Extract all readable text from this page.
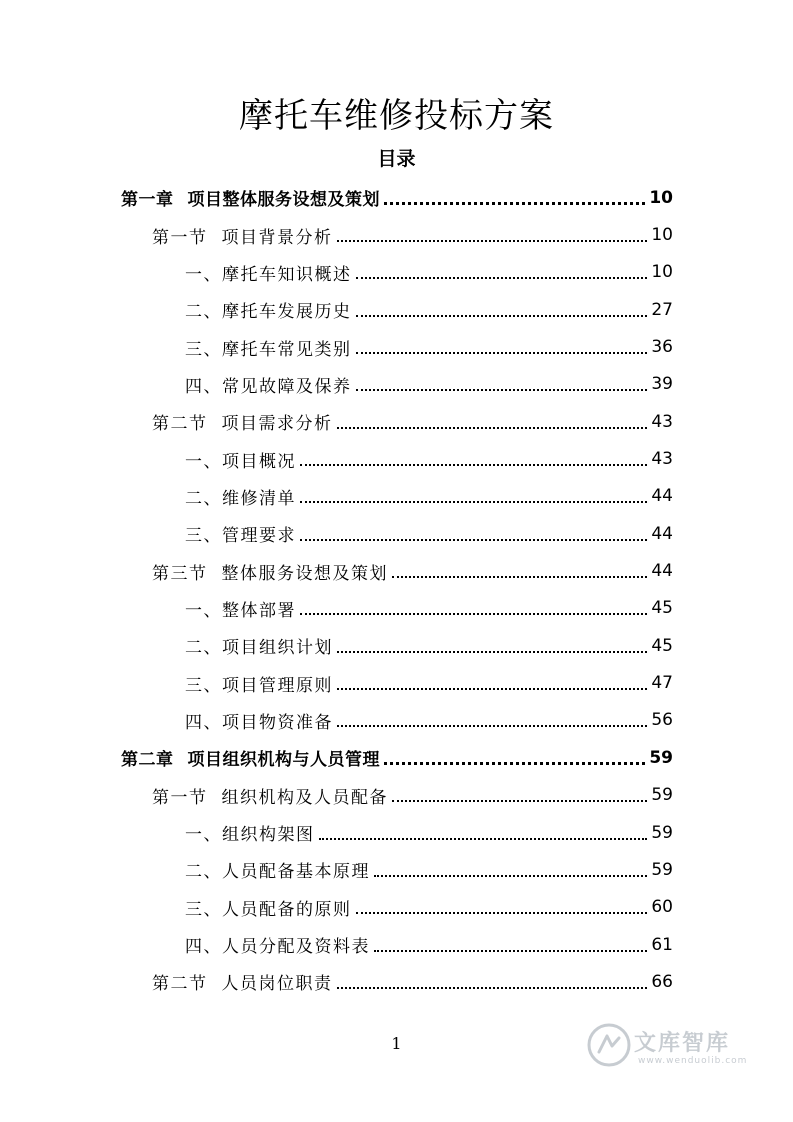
摩托车维修投标方案
目录
第一章 项目整体服务设想及策划	10
第一节 项目背景分析	10
一、摩托车知识概述	10
二、摩托车发展历史	27
三、摩托车常见类别	36
四、常见故障及保养	39
第二节 项目需求分析	43
一、项目概况	43
二、维修清单	44
三、管理要求	44
第三节 整体服务设想及策划	44
一、整体部署	45
二、项目组织计划	45
三、项目管理原则	47
四、项目物资准备	56
第二章 项目组织机构与人员管理	59
第一节 组织机构及人员配备	59
一、组织构架图	59
二、人员配备基本原理	59
三、人员配备的原则	60
四、人员分配及资料表	61
第二节 人员岗位职责	66
1	文库智库
www.wenduolib.com
